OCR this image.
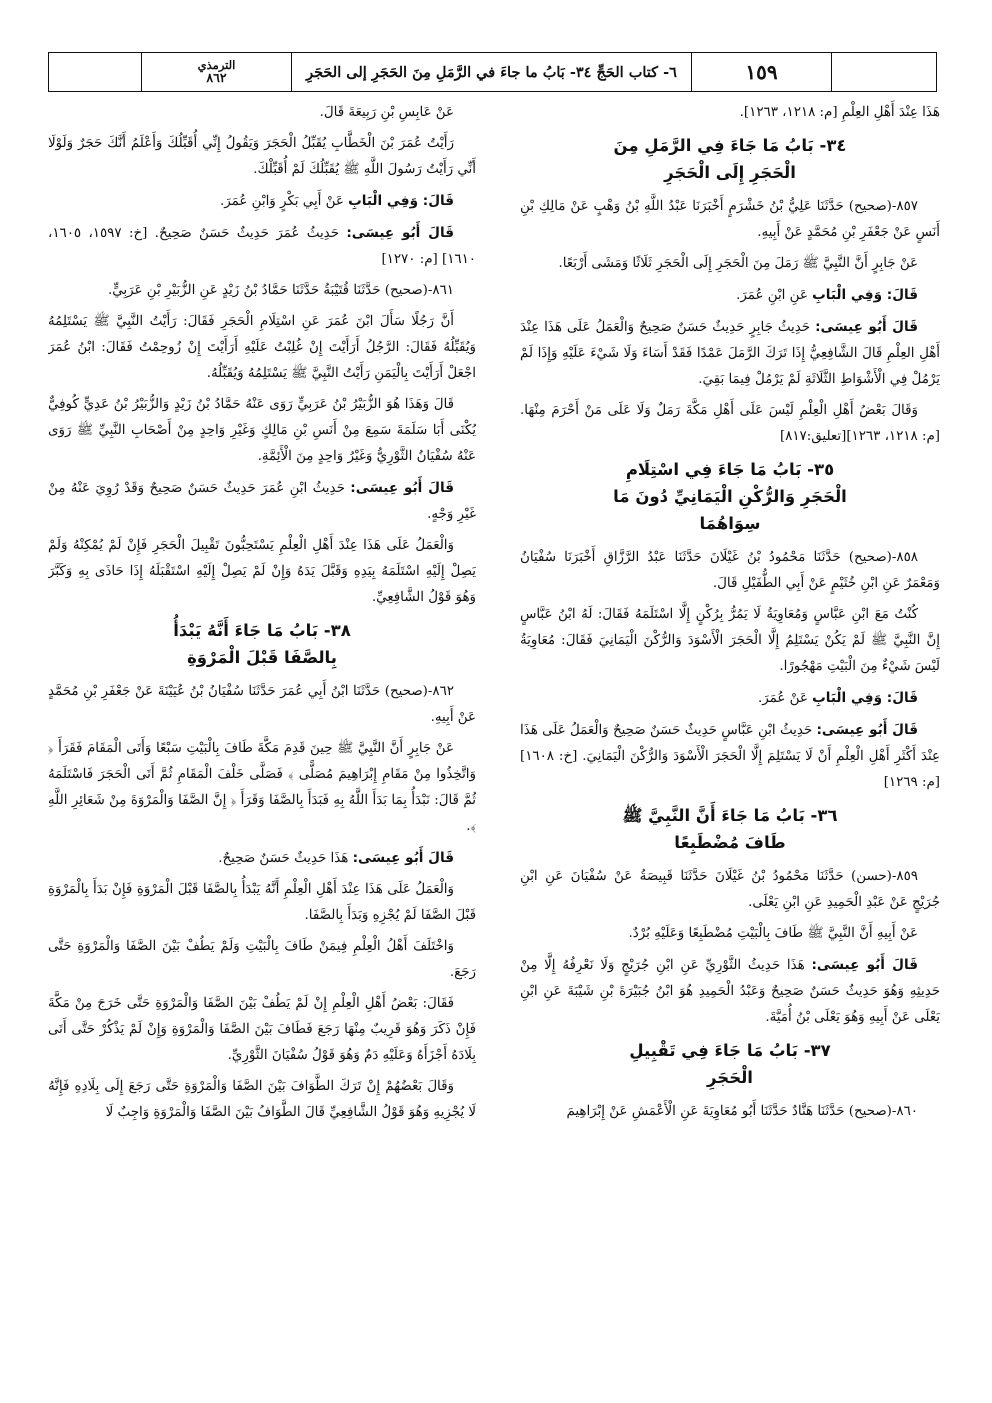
١٥٩
٦- كتاب الحَجِّ ٣٤- بَابُ ما جاءَ في الرَّمَلِ مِنَ الحَجَرِ إلى الحَجَرِ
الترمذي
٨٦٢

هَذَا عِنْدَ أَهْلِ العِلْمِ [م: ١٢١٨، ١٢٦٣].

٣٤- بَابُ مَا جَاءَ فِي الرَّمَلِ مِنَ
الْحَجَرِ إِلَى الْحَجَرِ

٨٥٧-(صحيح) حَدَّثَنَا عَلِيُّ بْنُ خَشْرَمٍ أَخْبَرَنَا عَبْدُ اللَّهِ بْنُ وَهْبٍ عَنْ مَالِكِ بْنِ أَنَسٍ عَنْ جَعْفَرِ بْنِ مُحَمَّدٍ عَنْ أَبِيهِ.

عَنْ جَابِرٍ أَنَّ النَّبِيَّ ﷺ رَمَلَ مِنَ الْحَجَرِ إِلَى الْحَجَرِ ثَلَاثًا وَمَشَى أَرْبَعًا.

قَالَ: وَفِي الْبَابِ عَنِ ابْنِ عُمَرَ.

قَالَ أَبُو عِيسَى: حَدِيثُ جَابِرٍ حَدِيثٌ حَسَنٌ صَحِيحٌ وَالْعَمَلُ عَلَى هَذَا عِنْدَ أَهْلِ العِلْمِ قَالَ الشَّافِعِيُّ إِذَا تَرَكَ الرَّمَلَ عَمْدًا فَقَدْ أَسَاءَ وَلَا شَيْءَ عَلَيْهِ وَإِذَا لَمْ يَرْمُلْ فِي الْأَشْوَاطِ الثَّلَاثَةِ لَمْ يَرْمُلْ فِيمَا بَقِيَ.

وَقَالَ بَعْضُ أَهْلِ الْعِلْمِ لَيْسَ عَلَى أَهْلِ مَكَّةَ رَمَلٌ وَلَا عَلَى مَنْ أَحْرَمَ مِنْهَا. [م: ١٢١٨، ١٢٦٣][تعليق:٨١٧]

٣٥- بَابُ مَا جَاءَ فِي اسْتِلَامِ
الْحَجَرِ وَالرُّكْنِ الْيَمَانِيِّ دُونَ مَا
سِوَاهُمَا

٨٥٨-(صحيح) حَدَّثَنَا مَحْمُودُ بْنُ غَيْلَانَ حَدَّثَنَا عَبْدُ الرَّزَّاقِ أَخْبَرَنَا سُفْيَانُ وَمَعْمَرٌ عَنِ ابْنِ خُثَيْمٍ عَنْ أَبِي الطُّفَيْلِ قَالَ.

كُنْتُ مَعَ ابْنِ عَبَّاسٍ وَمُعَاوِيَةُ لَا يَمُرُّ بِرُكْنٍ إِلَّا اسْتَلَمَهُ فَقَالَ: لَهُ ابْنُ عَبَّاسٍ إِنَّ النَّبِيَّ ﷺ لَمْ يَكُنْ يَسْتَلِمُ إِلَّا الْحَجَرَ الْأَسْوَدَ وَالرُّكْنَ الْيَمَانِيَ فَقَالَ: مُعَاوِيَةُ لَيْسَ شَيْءٌ مِنَ الْبَيْتِ مَهْجُورًا.

قَالَ: وَفِي الْبَابِ عَنْ عُمَرَ.

قَالَ أَبُو عِيسَى: حَدِيثُ ابْنِ عَبَّاسٍ حَدِيثٌ حَسَنٌ صَحِيحٌ وَالْعَمَلُ عَلَى هَذَا عِنْدَ أَكْثَرِ أَهْلِ الْعِلْمِ أَنْ لَا يَسْتَلِمَ إِلَّا الْحَجَرَ الْأَسْوَدَ وَالرُّكْنَ الْيَمَانِيَ. [خ: ١٦٠٨] [م: ١٢٦٩]

٣٦- بَابُ مَا جَاءَ أَنَّ النَّبِيَّ ﷺ
طَافَ مُضْطَبِعًا

٨٥٩-(حسن) حَدَّثَنَا مَحْمُودُ بْنُ غَيْلَانَ حَدَّثَنَا قَبِيصَةُ عَنْ سُفْيَانَ عَنِ ابْنِ جُرَيْجٍ عَنْ عَبْدِ الْحَمِيدِ عَنِ ابْنِ يَعْلَى.

عَنْ أَبِيهِ أَنَّ النَّبِيَّ ﷺ طَافَ بِالْبَيْتِ مُضْطَبِعًا وَعَلَيْهِ بُرْدٌ.

قَالَ أَبُو عِيسَى: هَذَا حَدِيثُ الثَّوْرِيِّ عَنِ ابْنِ جُرَيْجٍ وَلَا نَعْرِفُهُ إِلَّا مِنْ حَدِيثِهِ وَهُوَ حَدِيثٌ حَسَنٌ صَحِيحٌ وَعَبْدُ الْحَمِيدِ هُوَ ابْنُ جُبَيْرَةَ بْنِ شَيْبَةَ عَنِ ابْنِ يَعْلَى عَنْ أَبِيهِ وَهُوَ يَعْلَى بْنُ أُمَيَّةَ.

٣٧- بَابُ مَا جَاءَ فِي تَقْبِيلِ
الْحَجَرِ

٨٦٠-(صحيح) حَدَّثَنَا هَنَّادٌ حَدَّثَنَا أَبُو مُعَاوِيَةَ عَنِ الْأَعْمَشِ عَنْ إِبْرَاهِيمَ

عَنْ عَابِسِ بْنِ رَبِيعَةَ قَالَ.

رَأَيْتُ عُمَرَ بْنَ الْخَطَّابِ يُقَبِّلُ الْحَجَرَ وَيَقُولُ إِنِّي أُقَبِّلُكَ وَأَعْلَمُ أَنَّكَ حَجَرٌ وَلَوْلَا أَنِّي رَأَيْتُ رَسُولَ اللَّهِ ﷺ يُقَبِّلُكَ لَمْ أُقَبِّلْكَ.

قَالَ: وَفِي الْبَابِ عَنْ أَبِي بَكْرٍ وَابْنِ عُمَرَ.

قَالَ أَبُو عِيسَى: حَدِيثُ عُمَرَ حَدِيثٌ حَسَنٌ صَحِيحٌ. [خ: ١٥٩٧، ١٦٠٥، ١٦١٠] [م: ١٢٧٠]

٨٦١-(صحيح) حَدَّثَنَا قُتَيْبَةُ حَدَّثَنَا حَمَّادُ بْنُ زَيْدٍ عَنِ الزُّبَيْرِ بْنِ عَرَبِيٍّ.

أَنَّ رَجُلًا سَأَلَ ابْنَ عُمَرَ عَنِ اسْتِلَامِ الْحَجَرِ فَقَالَ: رَأَيْتُ النَّبِيَّ ﷺ يَسْتَلِمُهُ وَيُقَبِّلُهُ فَقَالَ: الرَّجُلُ أَرَأَيْتَ إِنْ غُلِبْتُ عَلَيْهِ أَرَأَيْتَ إِنْ زُوحِمْتُ فَقَالَ: ابْنُ عُمَرَ اجْعَلْ أَرَأَيْتَ بِالْيَمَنِ رَأَيْتُ النَّبِيَّ ﷺ يَسْتَلِمُهُ وَيُقَبِّلُهُ.

قَالَ وَهَذَا هُوَ الزُّبَيْرُ بْنُ عَرَبِيٍّ رَوَى عَنْهُ حَمَّادُ بْنُ زَيْدٍ وَالزُّبَيْرُ بْنُ عَدِيٍّ كُوفِيٌّ يُكْنَى أَبَا سَلَمَةَ سَمِعَ مِنْ أَنَسِ بْنِ مَالِكٍ وَغَيْرِ وَاحِدٍ مِنْ أَصْحَابِ النَّبِيِّ ﷺ رَوَى عَنْهُ سُفْيَانُ الثَّوْرِيُّ وَغَيْرُ وَاحِدٍ مِنَ الْأَئِمَّةِ.

قَالَ أَبُو عِيسَى: حَدِيثُ ابْنِ عُمَرَ حَدِيثٌ حَسَنٌ صَحِيحٌ وَقَدْ رُوِيَ عَنْهُ مِنْ غَيْرِ وَجْهٍ.

وَالْعَمَلُ عَلَى هَذَا عِنْدَ أَهْلِ الْعِلْمِ يَسْتَحِبُّونَ تَقْبِيلَ الْحَجَرِ فَإِنْ لَمْ يُمْكِنْهُ وَلَمْ يَصِلْ إِلَيْهِ اسْتَلَمَهُ بِيَدِهِ وَقَبَّلَ يَدَهُ وَإِنْ لَمْ يَصِلْ إِلَيْهِ اسْتَقْبَلَهُ إِذَا حَاذَى بِهِ وَكَبَّرَ وَهُوَ قَوْلُ الشَّافِعِيِّ.

٣٨- بَابُ مَا جَاءَ أَنَّهُ يَبْدَأُ
بِالصَّفَا قَبْلَ الْمَرْوَةِ

٨٦٢-(صحيح) حَدَّثَنَا ابْنُ أَبِي عُمَرَ حَدَّثَنَا سُفْيَانُ بْنُ عُيَيْنَةَ عَنْ جَعْفَرِ بْنِ مُحَمَّدٍ عَنْ أَبِيهِ.

عَنْ جَابِرٍ أَنَّ النَّبِيَّ ﷺ حِينَ قَدِمَ مَكَّةَ طَافَ بِالْبَيْتِ سَبْعًا وَأَتَى الْمَقَامَ فَقَرَأَ ﴿ وَاتَّخِذُوا مِنْ مَقَامِ إِبْرَاهِيمَ مُصَلًّى ﴾ فَصَلَّى خَلْفَ الْمَقَامِ ثُمَّ أَتَى الْحَجَرَ فَاسْتَلَمَهُ ثُمَّ قَالَ: نَبْدَأُ بِمَا بَدَأَ اللَّهُ بِهِ فَبَدَأَ بِالصَّفَا وَقَرَأَ ﴿ إِنَّ الصَّفَا وَالْمَرْوَةَ مِنْ شَعَائِرِ اللَّهِ ﴾.

قَالَ أَبُو عِيسَى: هَذَا حَدِيثٌ حَسَنٌ صَحِيحٌ.

وَالْعَمَلُ عَلَى هَذَا عِنْدَ أَهْلِ الْعِلْمِ أَنَّهُ يَبْدَأُ بِالصَّفَا قَبْلَ الْمَرْوَةِ فَإِنْ بَدَأَ بِالْمَرْوَةِ قَبْلَ الصَّفَا لَمْ يُجْزِهِ وَبَدَأَ بِالصَّفَا.

وَاخْتَلَفَ أَهْلُ الْعِلْمِ فِيمَنْ طَافَ بِالْبَيْتِ وَلَمْ يَطُفْ بَيْنَ الصَّفَا وَالْمَرْوَةِ حَتَّى رَجَعَ.

فَقَالَ: بَعْضُ أَهْلِ الْعِلْمِ إِنْ لَمْ يَطُفْ بَيْنَ الصَّفَا وَالْمَرْوَةِ حَتَّى خَرَجَ مِنْ مَكَّةَ فَإِنْ ذَكَرَ وَهُوَ قَرِيبٌ مِنْهَا رَجَعَ فَطَافَ بَيْنَ الصَّفَا وَالْمَرْوَةِ وَإِنْ لَمْ يَذْكُرْ حَتَّى أَتَى بِلَادَهُ أَجْزَأَهُ وَعَلَيْهِ دَمٌ وَهُوَ قَوْلُ سُفْيَانَ الثَّوْرِيِّ.

وَقَالَ بَعْضُهُمْ إِنْ تَرَكَ الطَّوَافَ بَيْنَ الصَّفَا وَالْمَرْوَةِ حَتَّى رَجَعَ إِلَى بِلَادِهِ فَإِنَّهُ لَا يُجْزِيهِ وَهُوَ قَوْلُ الشَّافِعِيِّ قَالَ الطَّوَافُ بَيْنَ الصَّفَا وَالْمَرْوَةِ وَاجِبٌ لَا
